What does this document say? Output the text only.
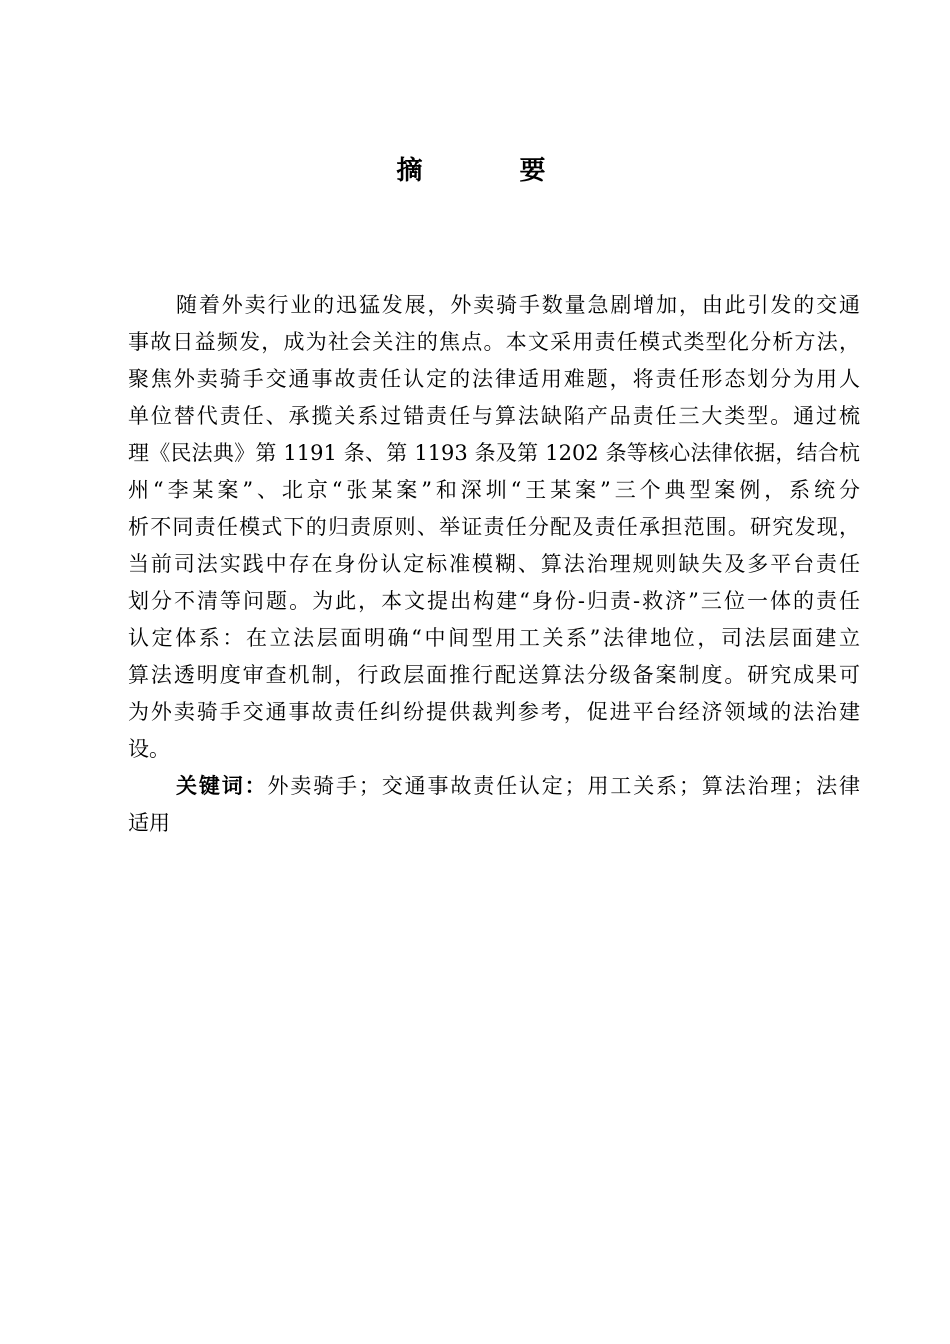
摘 要
随着外卖行业的迅猛发展，外卖骑手数量急剧增加，由此引发的交通
事故日益频发，成为社会关注的焦点。本文采用责任模式类型化分析方法，
聚焦外卖骑手交通事故责任认定的法律适用难题，将责任形态划分为用人
单位替代责任、承揽关系过错责任与算法缺陷产品责任三大类型。通过梳
理《民法典》第 1191 条、第 1193 条及第 1202 条等核心法律依据，结合杭
州“李某案”、北京“张某案”和深圳“王某案”三个典型案例，系统分
析不同责任模式下的归责原则、举证责任分配及责任承担范围。研究发现，
当前司法实践中存在身份认定标准模糊、算法治理规则缺失及多平台责任
划分不清等问题。为此，本文提出构建“身份-归责-救济”三位一体的责任
认定体系：在立法层面明确“中间型用工关系”法律地位，司法层面建立
算法透明度审查机制，行政层面推行配送算法分级备案制度。研究成果可
为外卖骑手交通事故责任纠纷提供裁判参考，促进平台经济领域的法治建
设。
关键词：外卖骑手；交通事故责任认定；用工关系；算法治理；法律
适用
